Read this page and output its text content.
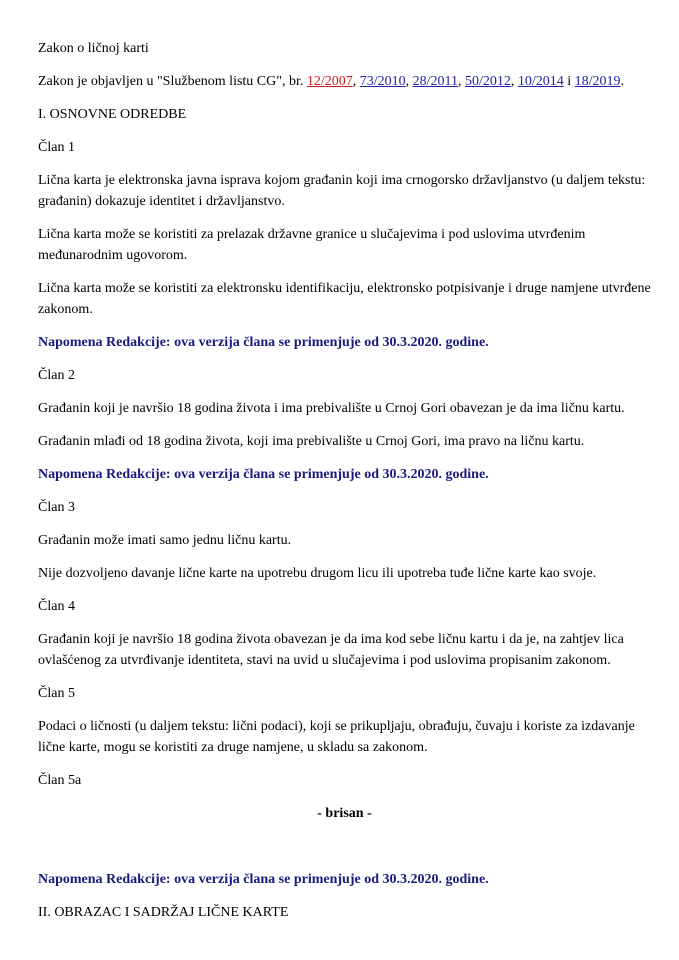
Zakon o ličnoj karti

Zakon je objavljen u "Službenom listu CG", br. 12/2007, 73/2010, 28/2011, 50/2012, 10/2014 i 18/2019.

I. OSNOVNE ODREDBE

Član 1

Lična karta je elektronska javna isprava kojom građanin koji ima crnogorsko državljanstvo (u daljem tekstu: građanin) dokazuje identitet i državljanstvo.

Lična karta može se koristiti za prelazak državne granice u slučajevima i pod uslovima utvrđenim međunarodnim ugovorom.

Lična karta može se koristiti za elektronsku identifikaciju, elektronsko potpisivanje i druge namjene utvrđene zakonom.

Napomena Redakcije: ova verzija člana se primenjuje od 30.3.2020. godine.

Član 2

Građanin koji je navršio 18 godina života i ima prebivalište u Crnoj Gori obavezan je da ima ličnu kartu.

Građanin mlađi od 18 godina života, koji ima prebivalište u Crnoj Gori, ima pravo na ličnu kartu.

Napomena Redakcije: ova verzija člana se primenjuje od 30.3.2020. godine.

Član 3

Građanin može imati samo jednu ličnu kartu.

Nije dozvoljeno davanje lične karte na upotrebu drugom licu ili upotreba tuđe lične karte kao svoje.

Član 4

Građanin koji je navršio 18 godina života obavezan je da ima kod sebe ličnu kartu i da je, na zahtjev lica ovlašćenog za utvrđivanje identiteta, stavi na uvid u slučajevima i pod uslovima propisanim zakonom.

Član 5

Podaci o ličnosti (u daljem tekstu: lični podaci), koji se prikupljaju, obrađuju, čuvaju i koriste za izdavanje lične karte, mogu se koristiti za druge namjene, u skladu sa zakonom.

Član 5a

- brisan -

Napomena Redakcije: ova verzija člana se primenjuje od 30.3.2020. godine.

II. OBRAZAC I SADRŽAJ LIČNE KARTE
